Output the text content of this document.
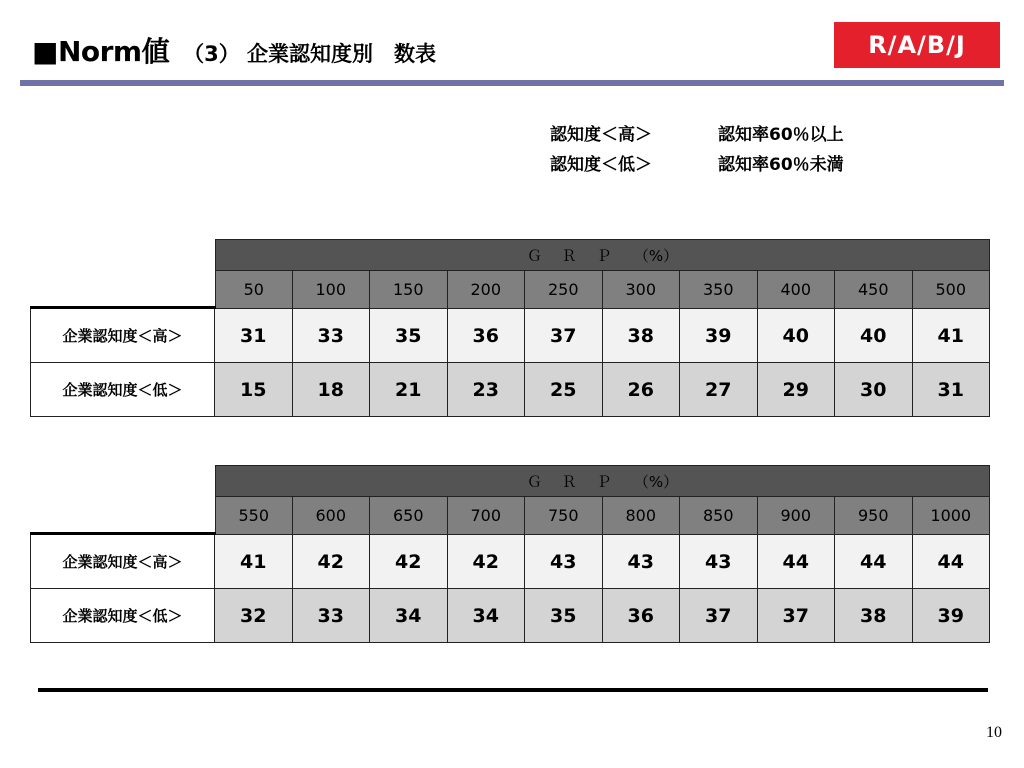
■Norm値 （3） 企業認知度別　数表	R/A/B/J
認知度＜高＞	認知率60％以上
認知度＜低＞	認知率60％未満
Ｇ　 Ｒ　 Ｐ　　（%）
50	100	150	200	250	300	350	400	450	500
企業認知度＜高＞	31	33	35	36	37	38	39	40	40	41
企業認知度＜低＞	15	18	21	23	25	26	27	29	30	31
Ｇ　 Ｒ　 Ｐ　　（%）
550	600	650	700	750	800	850	900	950	1000
企業認知度＜高＞	41	42	42	42	43	43	43	44	44	44
企業認知度＜低＞	32	33	34	34	35	36	37	37	38	39
10
